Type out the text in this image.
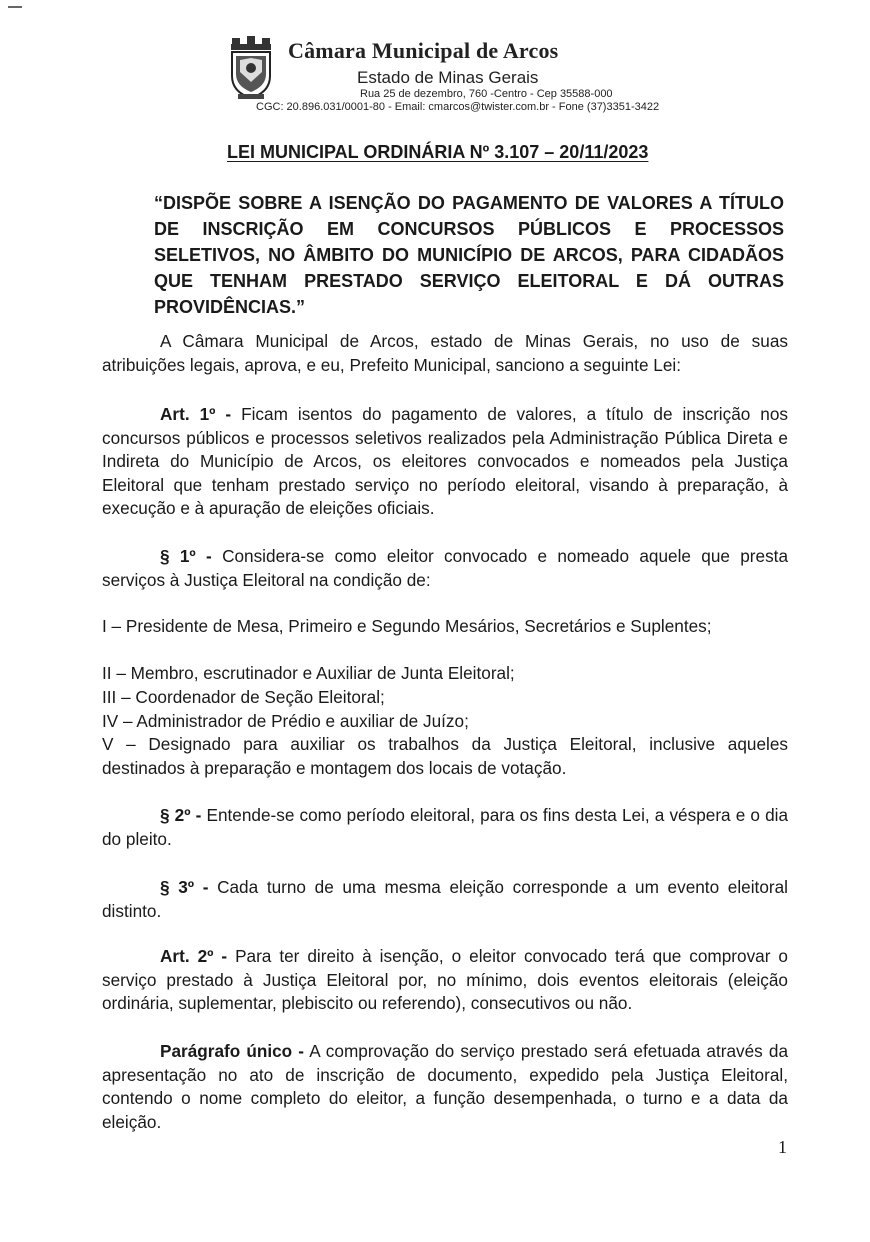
Câmara Municipal de Arcos
Estado de Minas Gerais
Rua 25 de dezembro, 760 -Centro - Cep 35588-000
CGC: 20.896.031/0001-80 - Email: cmarcos@twister.com.br - Fone (37)3351-3422
LEI MUNICIPAL ORDINÁRIA Nº 3.107 – 20/11/2023

“DISPÕE SOBRE A ISENÇÃO DO PAGAMENTO DE VALORES A TÍTULO DE INSCRIÇÃO EM CONCURSOS PÚBLICOS E PROCESSOS SELETIVOS, NO ÂMBITO DO MUNICÍPIO DE ARCOS, PARA CIDADÃOS QUE TENHAM PRESTADO SERVIÇO ELEITORAL E DÁ OUTRAS PROVIDÊNCIAS.”

A Câmara Municipal de Arcos, estado de Minas Gerais, no uso de suas atribuições legais, aprova, e eu, Prefeito Municipal, sanciono a seguinte Lei:

Art. 1º - Ficam isentos do pagamento de valores, a título de inscrição nos concursos públicos e processos seletivos realizados pela Administração Pública Direta e Indireta do Município de Arcos, os eleitores convocados e nomeados pela Justiça Eleitoral que tenham prestado serviço no período eleitoral, visando à preparação, à execução e à apuração de eleições oficiais.

§ 1º - Considera-se como eleitor convocado e nomeado aquele que presta serviços à Justiça Eleitoral na condição de:

I – Presidente de Mesa, Primeiro e Segundo Mesários, Secretários e Suplentes;

II – Membro, escrutinador e Auxiliar de Junta Eleitoral;

III – Coordenador de Seção Eleitoral;

IV – Administrador de Prédio e auxiliar de Juízo;

V – Designado para auxiliar os trabalhos da Justiça Eleitoral, inclusive aqueles destinados à preparação e montagem dos locais de votação.

§ 2º - Entende-se como período eleitoral, para os fins desta Lei, a véspera e o dia do pleito.

§ 3º - Cada turno de uma mesma eleição corresponde a um evento eleitoral distinto.

Art. 2º - Para ter direito à isenção, o eleitor convocado terá que comprovar o serviço prestado à Justiça Eleitoral por, no mínimo, dois eventos eleitorais (eleição ordinária, suplementar, plebiscito ou referendo), consecutivos ou não.

Parágrafo único - A comprovação do serviço prestado será efetuada através da apresentação no ato de inscrição de documento, expedido pela Justiça Eleitoral, contendo o nome completo do eleitor, a função desempenhada, o turno e a data da eleição.

1
